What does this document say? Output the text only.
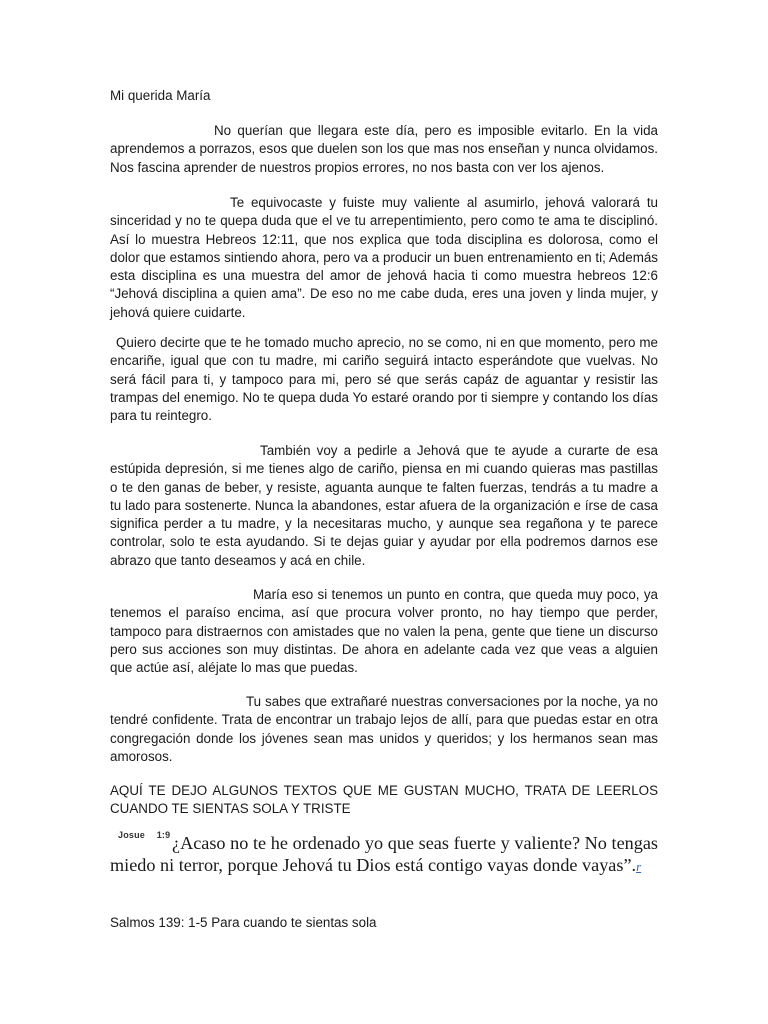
Mi querida María

No querían que llegara este día, pero es imposible evitarlo. En la vida aprendemos a porrazos, esos que duelen son los que mas nos enseñan y nunca olvidamos. Nos fascina aprender de nuestros propios errores, no nos basta con ver los ajenos.

Te equivocaste y fuiste muy valiente al asumirlo, jehová valorará tu sinceridad y no te quepa duda que el ve tu arrepentimiento, pero como te ama te disciplinó. Así lo muestra Hebreos 12:11, que nos explica que toda disciplina es dolorosa, como el dolor que estamos sintiendo ahora, pero va a producir un buen entrenamiento en ti; Además esta disciplina es una muestra del amor de jehová hacia ti como muestra hebreos 12:6 “Jehová disciplina a quien ama”. De eso no me cabe duda, eres una joven y linda mujer, y jehová quiere cuidarte.

Quiero decirte que te he tomado mucho aprecio, no se como, ni en que momento, pero me encariñe, igual que con tu madre, mi cariño seguirá intacto esperándote que vuelvas. No será fácil para ti, y tampoco para mi, pero sé que serás capáz de aguantar y resistir las trampas del enemigo. No te quepa duda Yo estaré orando por ti siempre y contando los días para tu reintegro.

También voy a pedirle a Jehová que te ayude a curarte de esa estúpida depresión, si me tienes algo de cariño, piensa en mi cuando quieras mas pastillas o te den ganas de beber, y resiste, aguanta aunque te falten fuerzas, tendrás a tu madre a tu lado para sostenerte. Nunca la abandones, estar afuera de la organización e írse de casa significa perder a tu madre, y la necesitaras mucho, y aunque sea regañona y te parece controlar, solo te esta ayudando. Si te dejas guiar y ayudar por ella podremos darnos ese abrazo que tanto deseamos y acá en chile.

María eso si tenemos un punto en contra, que queda muy poco, ya tenemos el paraíso encima, así que procura volver pronto, no hay tiempo que perder, tampoco para distraernos con amistades que no valen la pena, gente que tiene un discurso pero sus acciones son muy distintas. De ahora en adelante cada vez que veas a alguien que actúe así, aléjate lo mas que puedas.

Tu sabes que extrañaré nuestras conversaciones por la noche, ya no tendré confidente. Trata de encontrar un trabajo lejos de allí, para que puedas estar en otra congregación donde los jóvenes sean mas unidos y queridos; y los hermanos sean mas amorosos.

AQUÍ TE DEJO ALGUNOS TEXTOS QUE ME GUSTAN MUCHO, TRATA DE LEERLOS CUANDO TE SIENTAS SOLA Y TRISTE

Josue 1:9 ¿Acaso no te he ordenado yo que seas fuerte y valiente? No tengas miedo ni terror, porque Jehová tu Dios está contigo vayas donde vayas”.r

Salmos 139: 1-5 Para cuando te sientas sola
